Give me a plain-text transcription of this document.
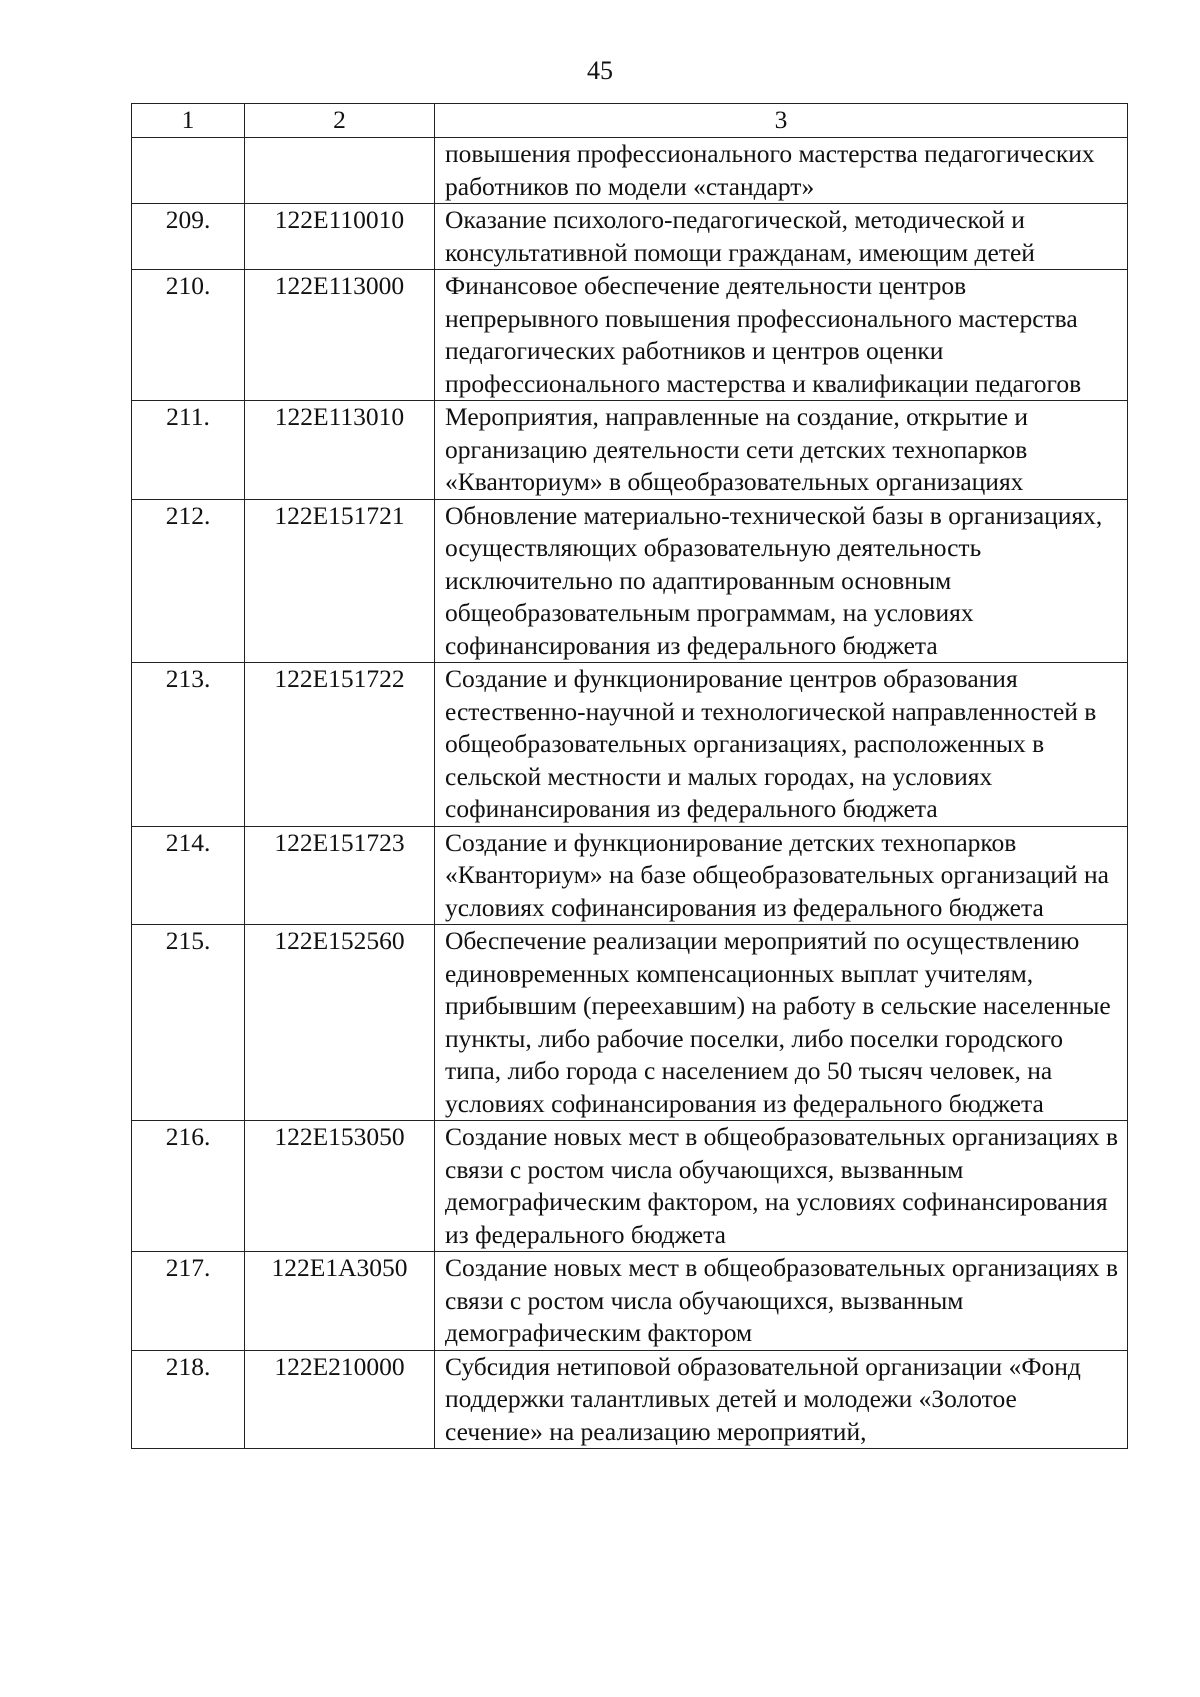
45
1	2	3
		повышения профессионального мастерства педагогических работников по модели «стандарт»
209.	122E110010	Оказание психолого-педагогической, методической и консультативной помощи гражданам, имеющим детей
210.	122E113000	Финансовое обеспечение деятельности центров непрерывного повышения профессионального мастерства педагогических работников и центров оценки профессионального мастерства и квалификации педагогов
211.	122E113010	Мероприятия, направленные на создание, открытие и организацию деятельности сети детских технопарков «Кванториум» в общеобразовательных организациях
212.	122E151721	Обновление материально-технической базы в организациях, осуществляющих образовательную деятельность исключительно по адаптированным основным общеобразовательным программам, на условиях софинансирования из федерального бюджета
213.	122E151722	Создание и функционирование центров образования естественно-научной и технологической направленностей в общеобразовательных организациях, расположенных в сельской местности и малых городах, на условиях софинансирования из федерального бюджета
214.	122E151723	Создание и функционирование детских технопарков «Кванториум» на базе общеобразовательных организаций на условиях софинансирования из федерального бюджета
215.	122E152560	Обеспечение реализации мероприятий по осуществлению единовременных компенсационных выплат учителям, прибывшим (переехавшим) на работу в сельские населенные пункты, либо рабочие поселки, либо поселки городского типа, либо города с населением до 50 тысяч человек, на условиях софинансирования из федерального бюджета
216.	122E153050	Создание новых мест в общеобразовательных организациях в связи с ростом числа обучающихся, вызванным демографическим фактором, на условиях софинансирования из федерального бюджета
217.	122E1A3050	Создание новых мест в общеобразовательных организациях в связи с ростом числа обучающихся, вызванным демографическим фактором
218.	122E210000	Субсидия нетиповой образовательной организации «Фонд поддержки талантливых детей и молодежи «Золотое сечение» на реализацию мероприятий,
